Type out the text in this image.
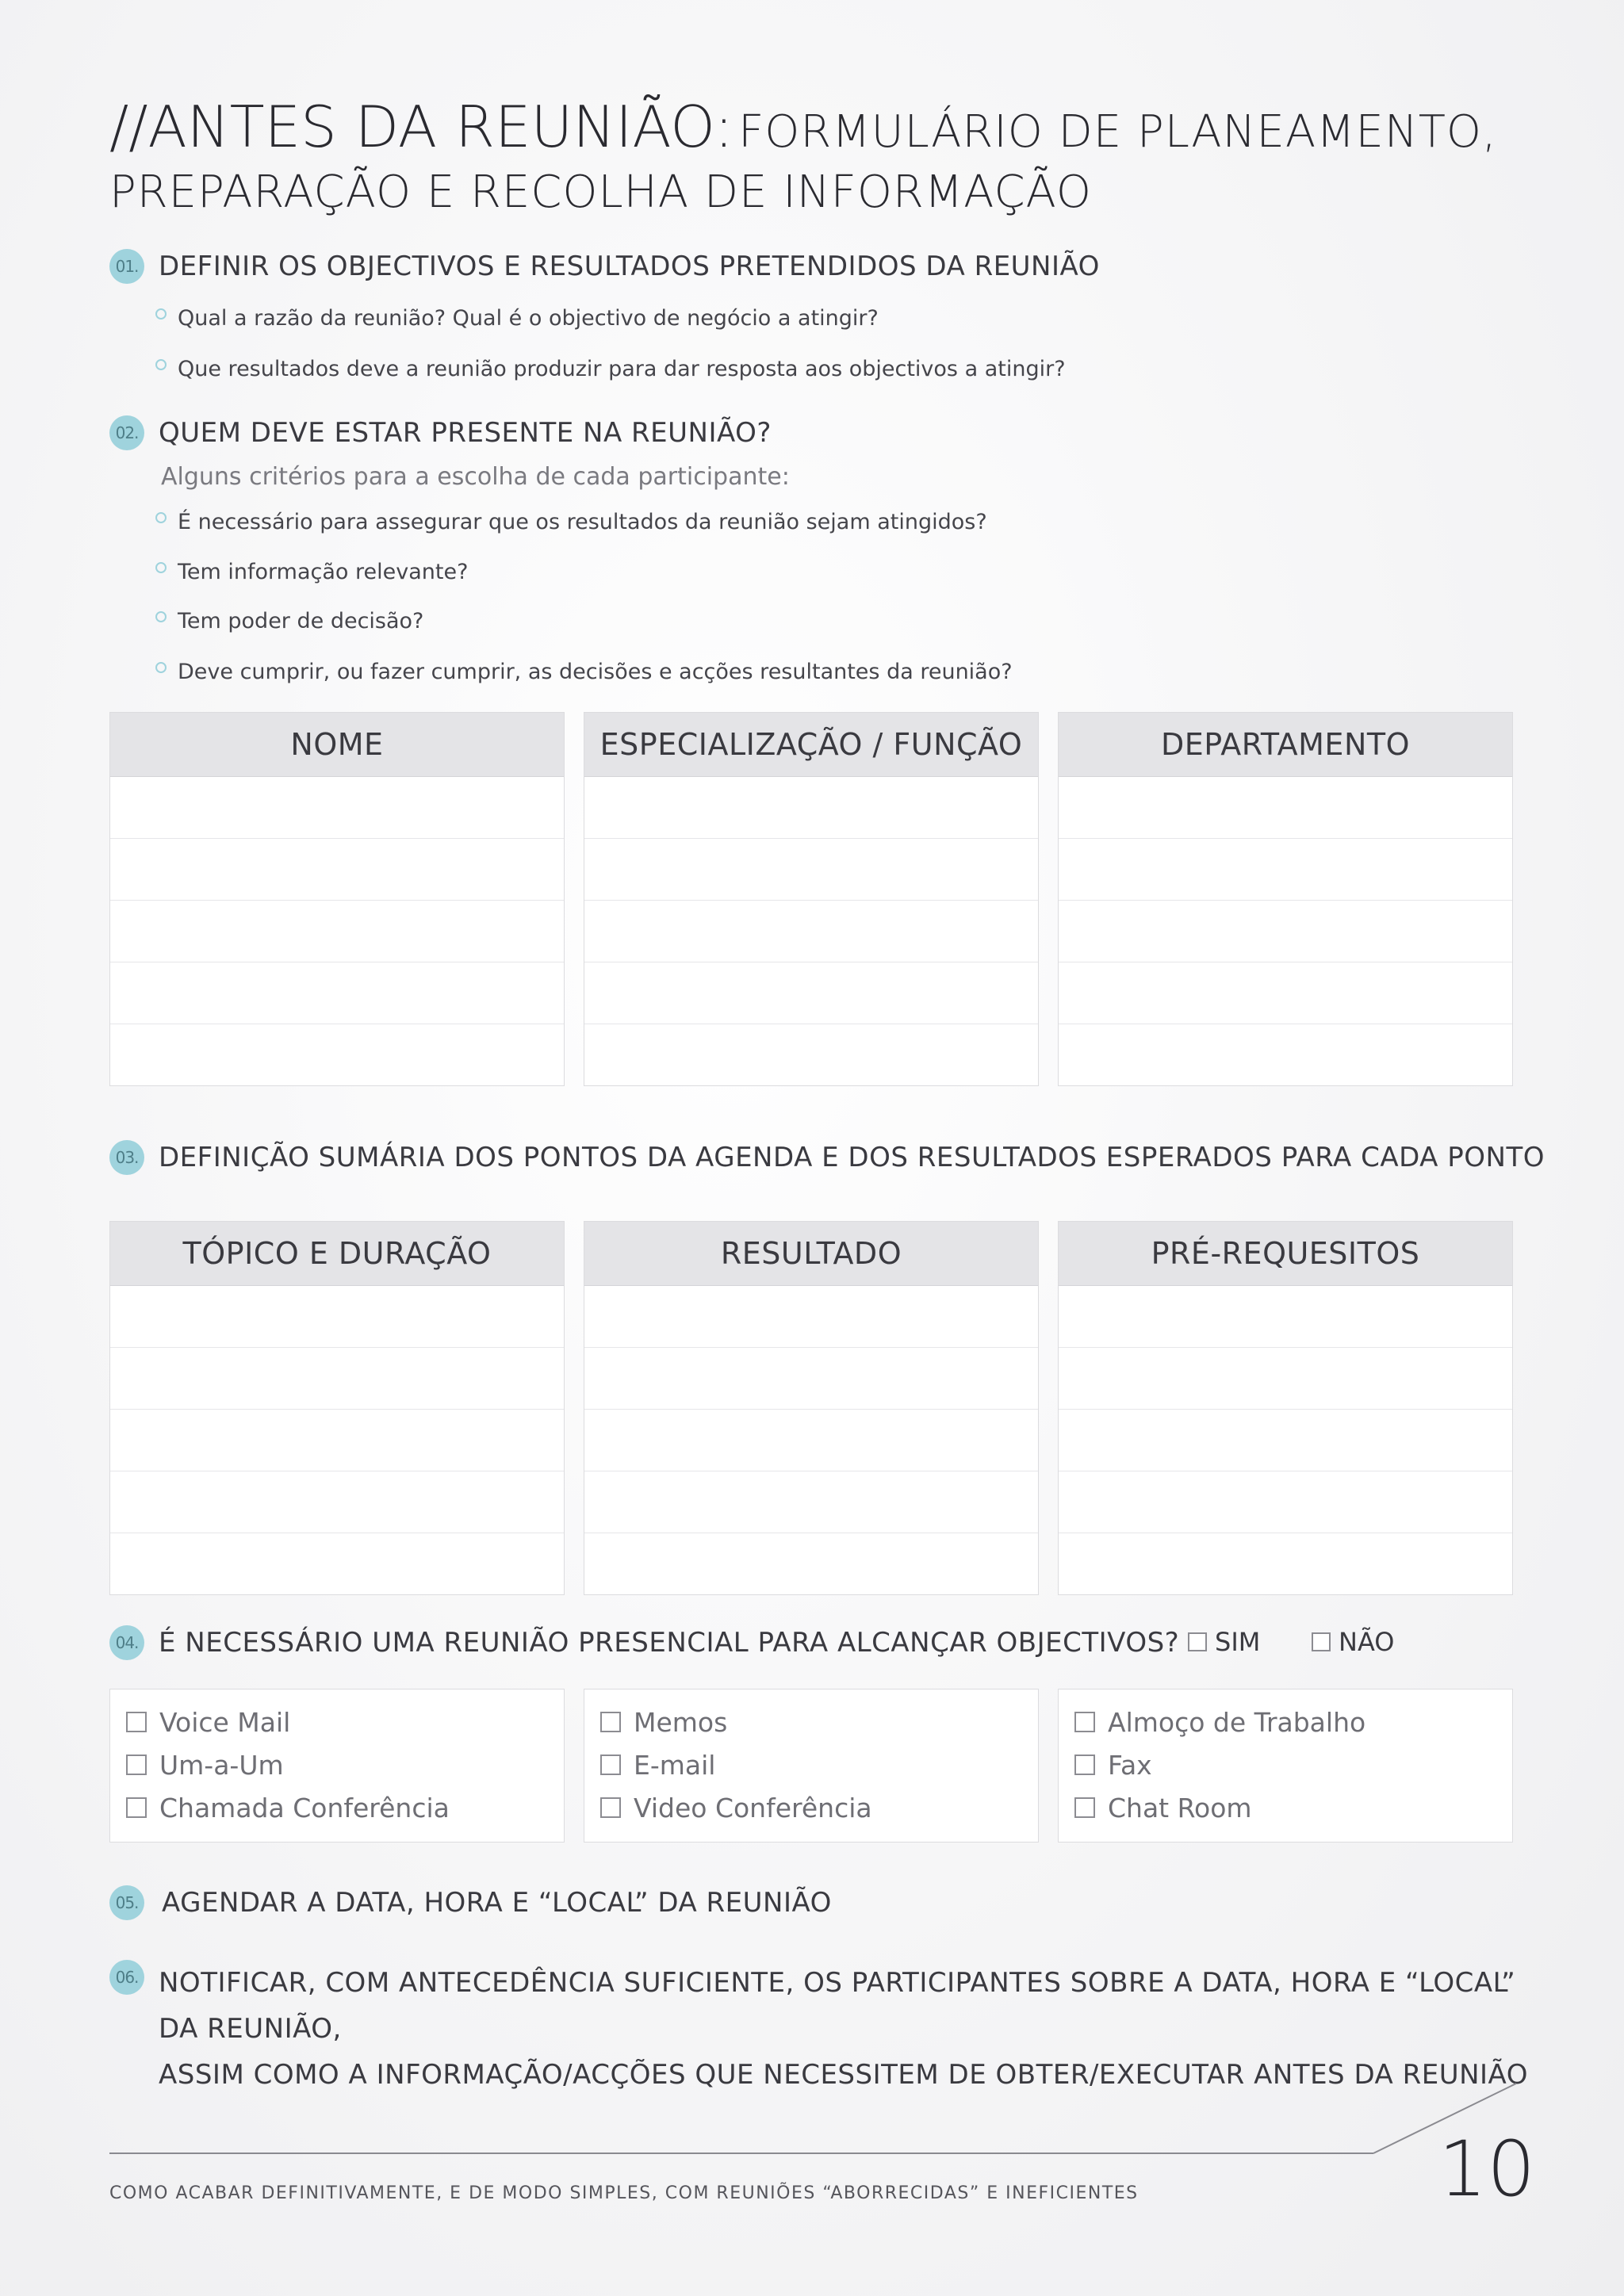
//ANTES DA REUNIÃO: FORMULÁRIO DE PLANEAMENTO,
PREPARAÇÃO E RECOLHA DE INFORMAÇÃO
01. DEFINIR OS OBJECTIVOS E RESULTADOS PRETENDIDOS DA REUNIÃO
Qual a razão da reunião? Qual é o objectivo de negócio a atingir?
Que resultados deve a reunião produzir para dar resposta aos objectivos a atingir?
02. QUEM DEVE ESTAR PRESENTE NA REUNIÃO?
Alguns critérios para a escolha de cada participante:
É necessário para assegurar que os resultados da reunião sejam atingidos?
Tem informação relevante?
Tem poder de decisão?
Deve cumprir, ou fazer cumprir, as decisões e acções resultantes da reunião?
NOME	ESPECIALIZAÇÃO / FUNÇÃO	DEPARTAMENTO
03. DEFINIÇÃO SUMÁRIA DOS PONTOS DA AGENDA E DOS RESULTADOS ESPERADOS PARA CADA PONTO
TÓPICO E DURAÇÃO	RESULTADO	PRÉ-REQUESITOS
04. É NECESSÁRIO UMA REUNIÃO PRESENCIAL PARA ALCANÇAR OBJECTIVOS? SIM	NÃO
Voice Mail
Um-a-Um
Chamada Conferência
Memos
E-mail
Video Conferência
Almoço de Trabalho
Fax
Chat Room
05. AGENDAR A DATA, HORA E “LOCAL” DA REUNIÃO
06. NOTIFICAR, COM ANTECEDÊNCIA SUFICIENTE, OS PARTICIPANTES SOBRE A DATA, HORA E “LOCAL” DA REUNIÃO,
ASSIM COMO A INFORMAÇÃO/ACÇÕES QUE NECESSITEM DE OBTER/EXECUTAR ANTES DA REUNIÃO
COMO ACABAR DEFINITIVAMENTE, E DE MODO SIMPLES, COM REUNIÕES “ABORRECIDAS” E INEFICIENTES	10
